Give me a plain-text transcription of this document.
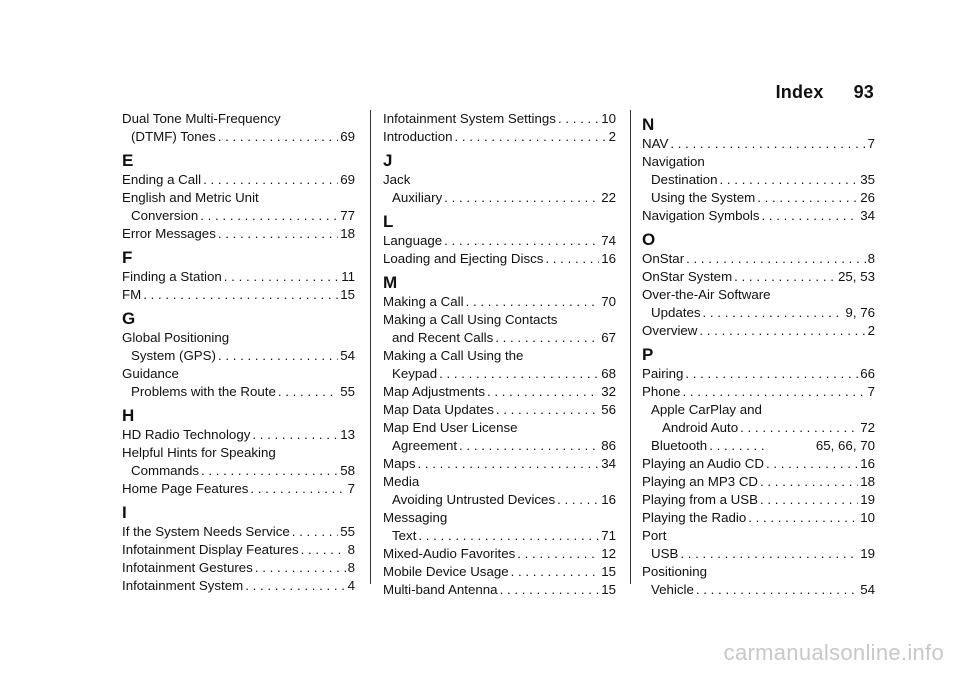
Index 93
Dual Tone Multi-Frequency
(DTMF) Tones . . .	69
E
Ending a Call . . .	69
English and Metric Unit
Conversion . . .	77
Error Messages . . .	18
F
Finding a Station . . .	11
FM . . .	15
G
Global Positioning
System (GPS) . . .	54
Guidance
Problems with the Route . . .	55
H
HD Radio Technology . . .	13
Helpful Hints for Speaking
Commands . . .	58
Home Page Features . . .	7
I
If the System Needs Service . . .	55
Infotainment Display Features . . .	8
Infotainment Gestures . . .	8
Infotainment System . . .	4
Infotainment System Settings . . .	10
Introduction . . .	2
J
Jack
Auxiliary . . .	22
L
Language . . .	74
Loading and Ejecting Discs . . .	16
M
Making a Call . . .	70
Making a Call Using Contacts
and Recent Calls . . .	67
Making a Call Using the
Keypad . . .	68
Map Adjustments . . .	32
Map Data Updates . . .	56
Map End User License
Agreement . . .	86
Maps . . .	34
Media
Avoiding Untrusted Devices . . .	16
Messaging
Text . . .	71
Mixed-Audio Favorites . . .	12
Mobile Device Usage . . .	15
Multi-band Antenna . . .	15
N
NAV . . .	7
Navigation
Destination . . .	35
Using the System . . .	26
Navigation Symbols . . .	34
O
OnStar . . .	8
OnStar System . . .	25, 53
Over-the-Air Software
Updates . . .	9, 76
Overview . . .	2
P
Pairing . . .	66
Phone . . .	7
Apple CarPlay and
Android Auto . . .	72
Bluetooth . . .	65, 66, 70
Playing an Audio CD . . .	16
Playing an MP3 CD . . .	18
Playing from a USB . . .	19
Playing the Radio . . .	10
Port
USB . . .	19
Positioning
Vehicle . . .	54
carmanualsonline.info
